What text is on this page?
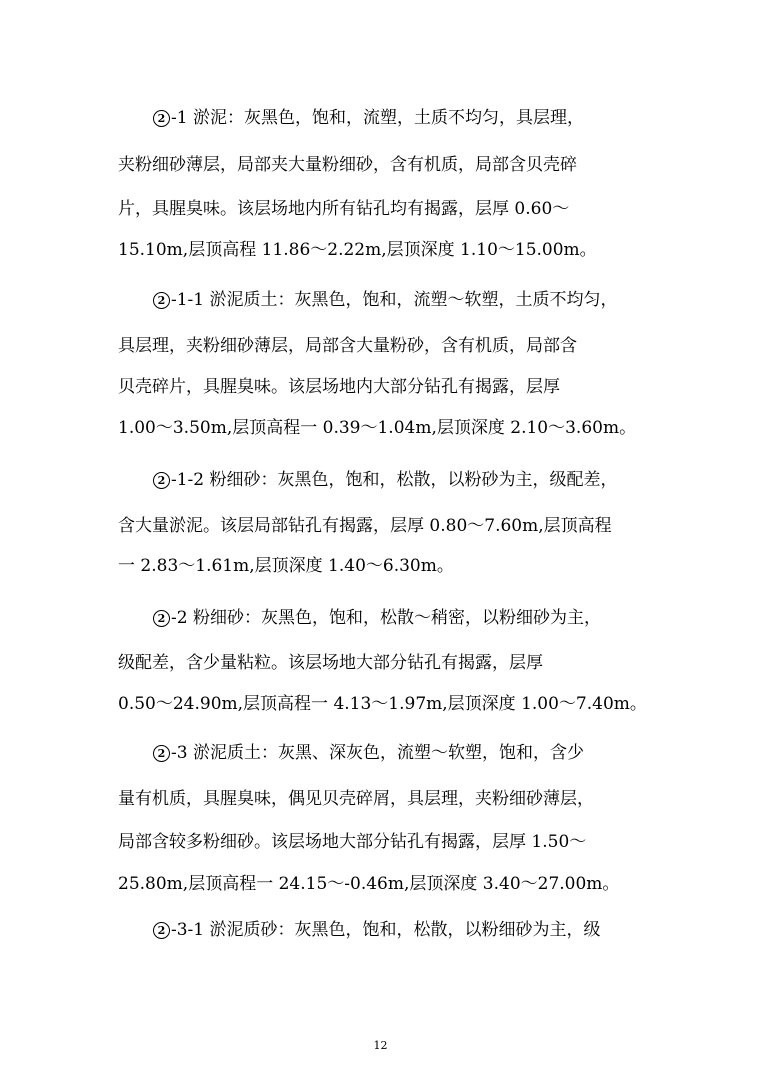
2 -1 淤泥：灰黑色，饱和，流塑，土质不均匀，具层理，
夹粉细砂薄层，局部夹大量粉细砂，含有机质，局部含贝壳碎
片，具腥臭味。该层场地内所有钻孔均有揭露，层厚 0.60～
15.10m,层顶高程 11.86～2.22m,层顶深度 1.10～15.00m。
2 -1-1 淤泥质土：灰黑色，饱和，流塑～软塑，土质不均匀，
具层理，夹粉细砂薄层，局部含大量粉砂，含有机质，局部含
贝壳碎片，具腥臭味。该层场地内大部分钻孔有揭露，层厚
1.00～3.50m,层顶高程一 0.39～1.04m,层顶深度 2.10～3.60m。
2 -1-2 粉细砂：灰黑色，饱和，松散，以粉砂为主，级配差，
含大量淤泥。该层局部钻孔有揭露，层厚 0.80～7.60m,层顶高程
一 2.83～1.61m,层顶深度 1.40～6.30m。
2 -2 粉细砂：灰黑色，饱和，松散～稍密，以粉细砂为主，
级配差，含少量粘粒。该层场地大部分钻孔有揭露，层厚
0.50～24.90m,层顶高程一 4.13～1.97m,层顶深度 1.00～7.40m。
2 -3 淤泥质土：灰黑、深灰色，流塑～软塑，饱和，含少
量有机质，具腥臭味，偶见贝壳碎屑，具层理，夹粉细砂薄层，
局部含较多粉细砂。该层场地大部分钻孔有揭露，层厚 1.50～
25.80m,层顶高程一 24.15～-0.46m,层顶深度 3.40～27.00m。
2 -3-1 淤泥质砂：灰黑色，饱和，松散，以粉细砂为主，级
12
